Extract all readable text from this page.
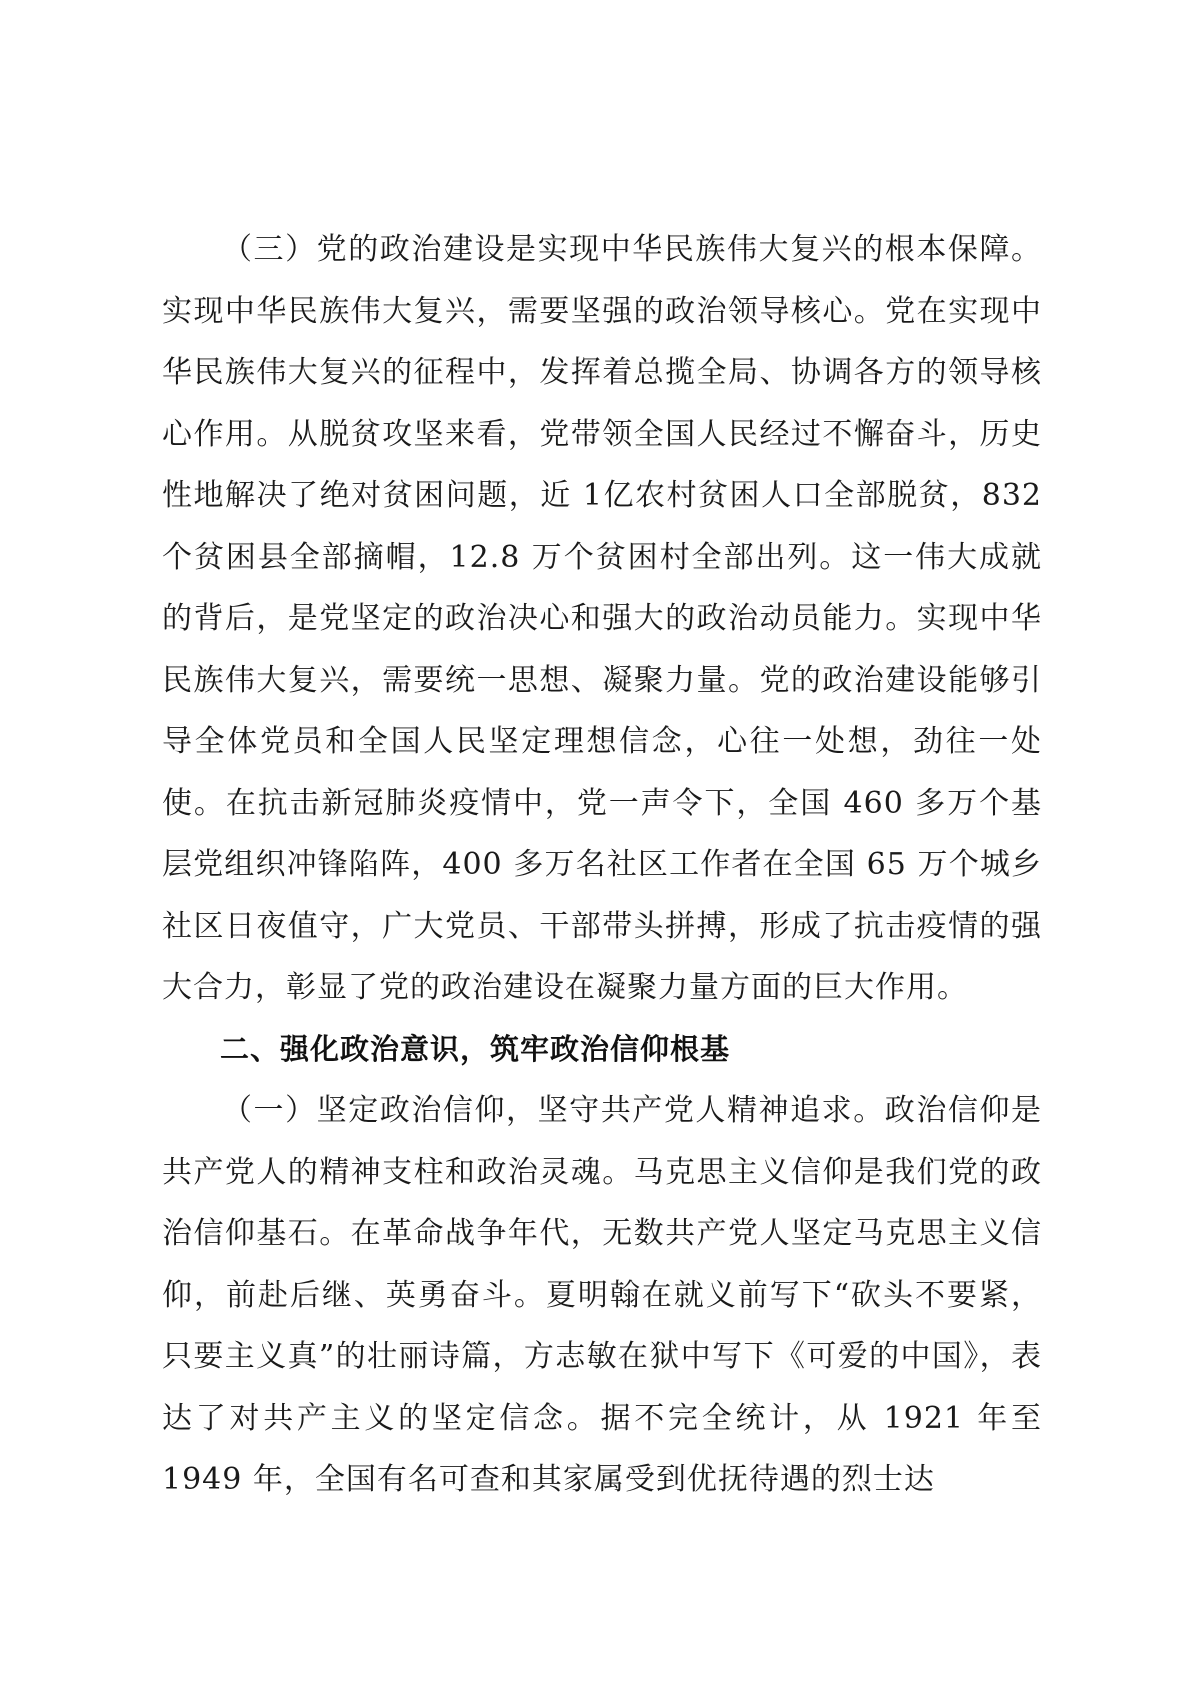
（三）党的政治建设是实现中华民族伟大复兴的根本保障。实现中华民族伟大复兴，需要坚强的政治领导核心。党在实现中华民族伟大复兴的征程中，发挥着总揽全局、协调各方的领导核心作用。从脱贫攻坚来看，党带领全国人民经过不懈奋斗，历史性地解决了绝对贫困问题，近 1亿农村贫困人口全部脱贫，832个贫困县全部摘帽，12.8 万个贫困村全部出列。这一伟大成就的背后，是党坚定的政治决心和强大的政治动员能力。实现中华民族伟大复兴，需要统一思想、凝聚力量。党的政治建设能够引导全体党员和全国人民坚定理想信念，心往一处想，劲往一处使。在抗击新冠肺炎疫情中，党一声令下，全国 460 多万个基层党组织冲锋陷阵，400 多万名社区工作者在全国 65 万个城乡社区日夜值守，广大党员、干部带头拼搏，形成了抗击疫情的强大合力，彰显了党的政治建设在凝聚力量方面的巨大作用。

二、强化政治意识，筑牢政治信仰根基

（一）坚定政治信仰，坚守共产党人精神追求。政治信仰是共产党人的精神支柱和政治灵魂。马克思主义信仰是我们党的政治信仰基石。在革命战争年代，无数共产党人坚定马克思主义信仰，前赴后继、英勇奋斗。夏明翰在就义前写下“砍头不要紧，只要主义真”的壮丽诗篇，方志敏在狱中写下《可爱的中国》，表达了对共产主义的坚定信念。据不完全统计，从 1921 年至 1949 年，全国有名可查和其家属受到优抚待遇的烈士达
